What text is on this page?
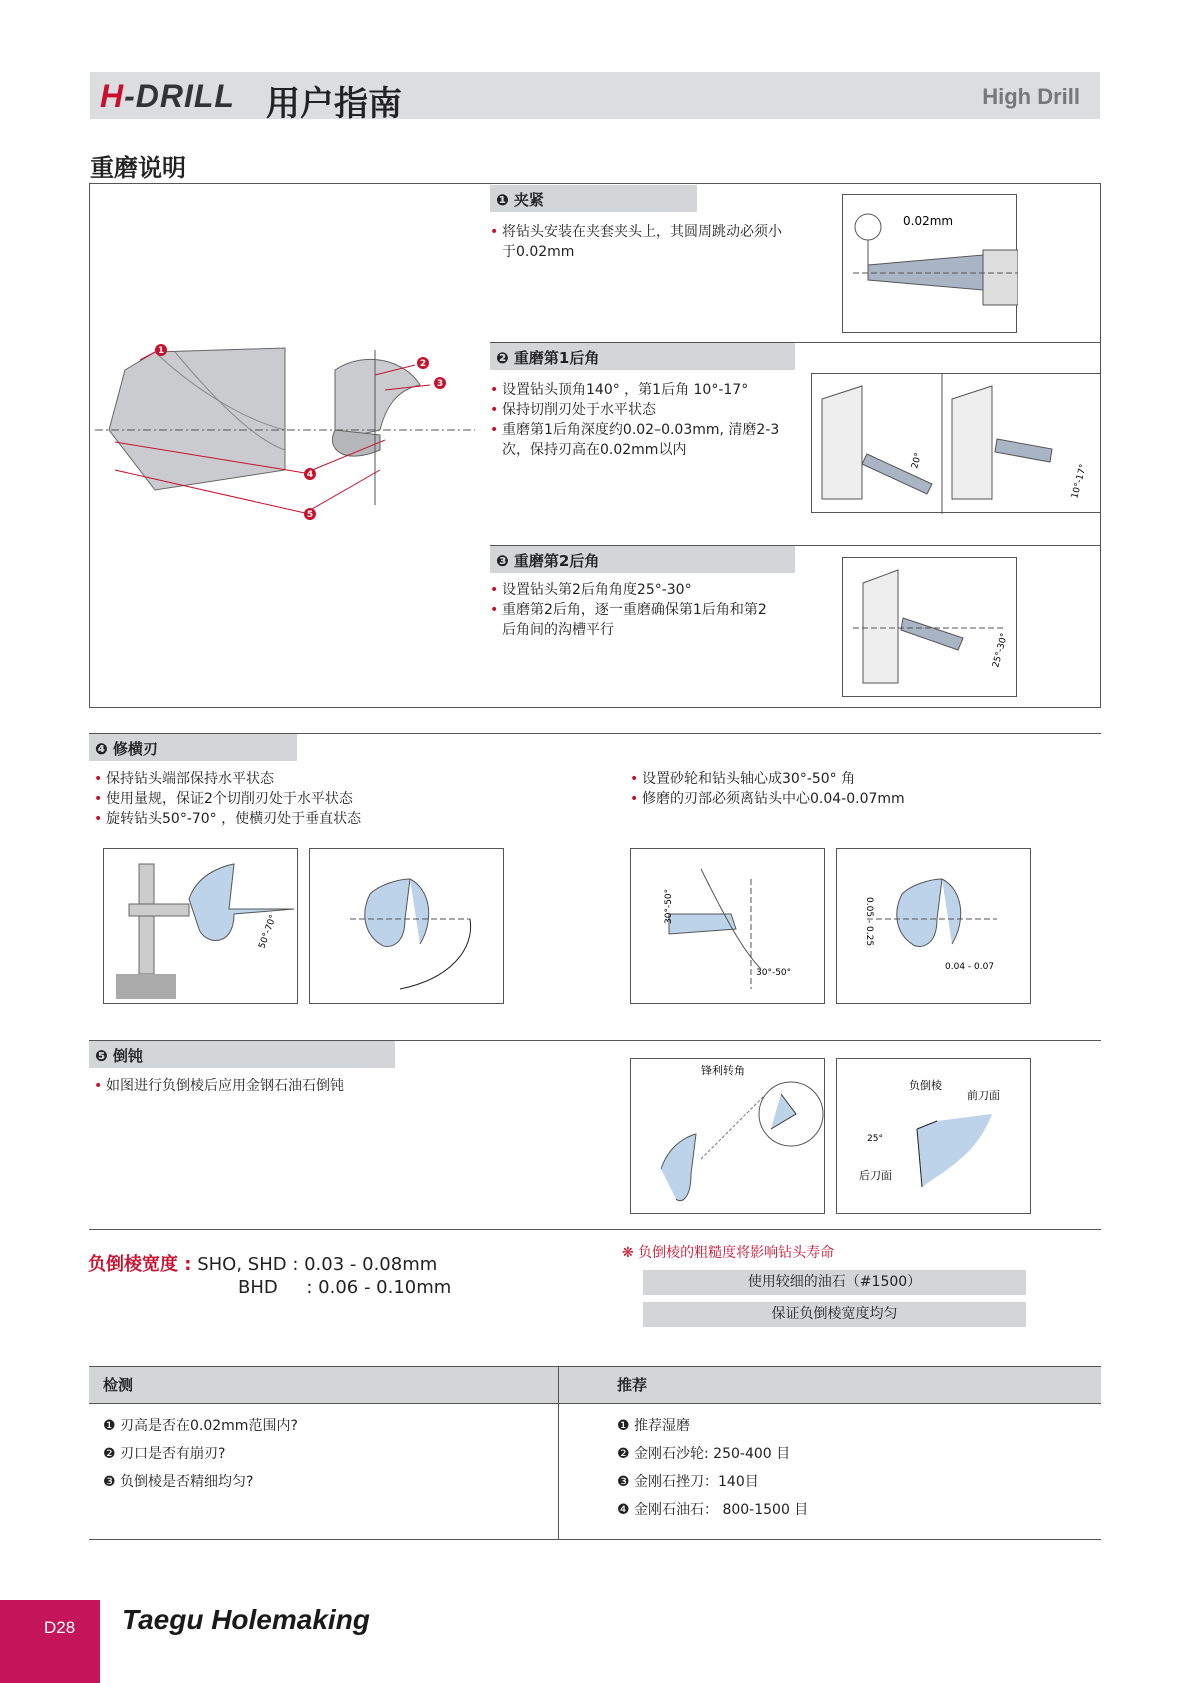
H-DRILL 用户指南	High Drill
重磨说明
1
2
3
4
5
❶ 夹紧
• 将钻头安装在夹套夹头上，其圆周跳动必须小于0.02mm
0.02mm
❷ 重磨第1后角
• 设置钻头顶角140° ，第1后角 10°-17°
• 保持切削刃处于水平状态
• 重磨第1后角深度约0.02–0.03mm, 清磨2-3次，保持刃高在0.02mm以内
20°
10°-17°
❸ 重磨第2后角
• 设置钻头第2后角角度25°-30°
• 重磨第2后角，逐一重磨确保第1后角和第2后角间的沟槽平行
25°-30°
❹ 修横刃
• 保持钻头端部保持水平状态
• 使用量规，保证2个切削刃处于水平状态
• 旋转钻头50°-70° ，使横刃处于垂直状态
• 设置砂轮和钻头轴心成30°-50° 角
• 修磨的刃部必须离钻头中心0.04-0.07mm
50°-70°
30°-50°
30°-50°
0.05 - 0.25
0.04 - 0.07
❺ 倒钝
• 如图进行负倒棱后应用金钢石油石倒钝
锋利转角
负倒棱
前刀面
25°
后刀面
负倒棱宽度 : SHO, SHD : 0.03 - 0.08mm
BHD     : 0.06 - 0.10mm
❋ 负倒棱的粗糙度将影响钻头寿命
使用较细的油石（#1500）
保证负倒棱宽度均匀
检测	推荐
❶ 刃高是否在0.02mm范围内?
❷ 刃口是否有崩刃?
❸ 负倒棱是否精细均匀?
❶ 推荐湿磨
❷ 金刚石沙轮: 250-400 目
❸ 金刚石挫刀：140目
❹ 金刚石油石： 800-1500 目
D28	Taegu Holemaking
